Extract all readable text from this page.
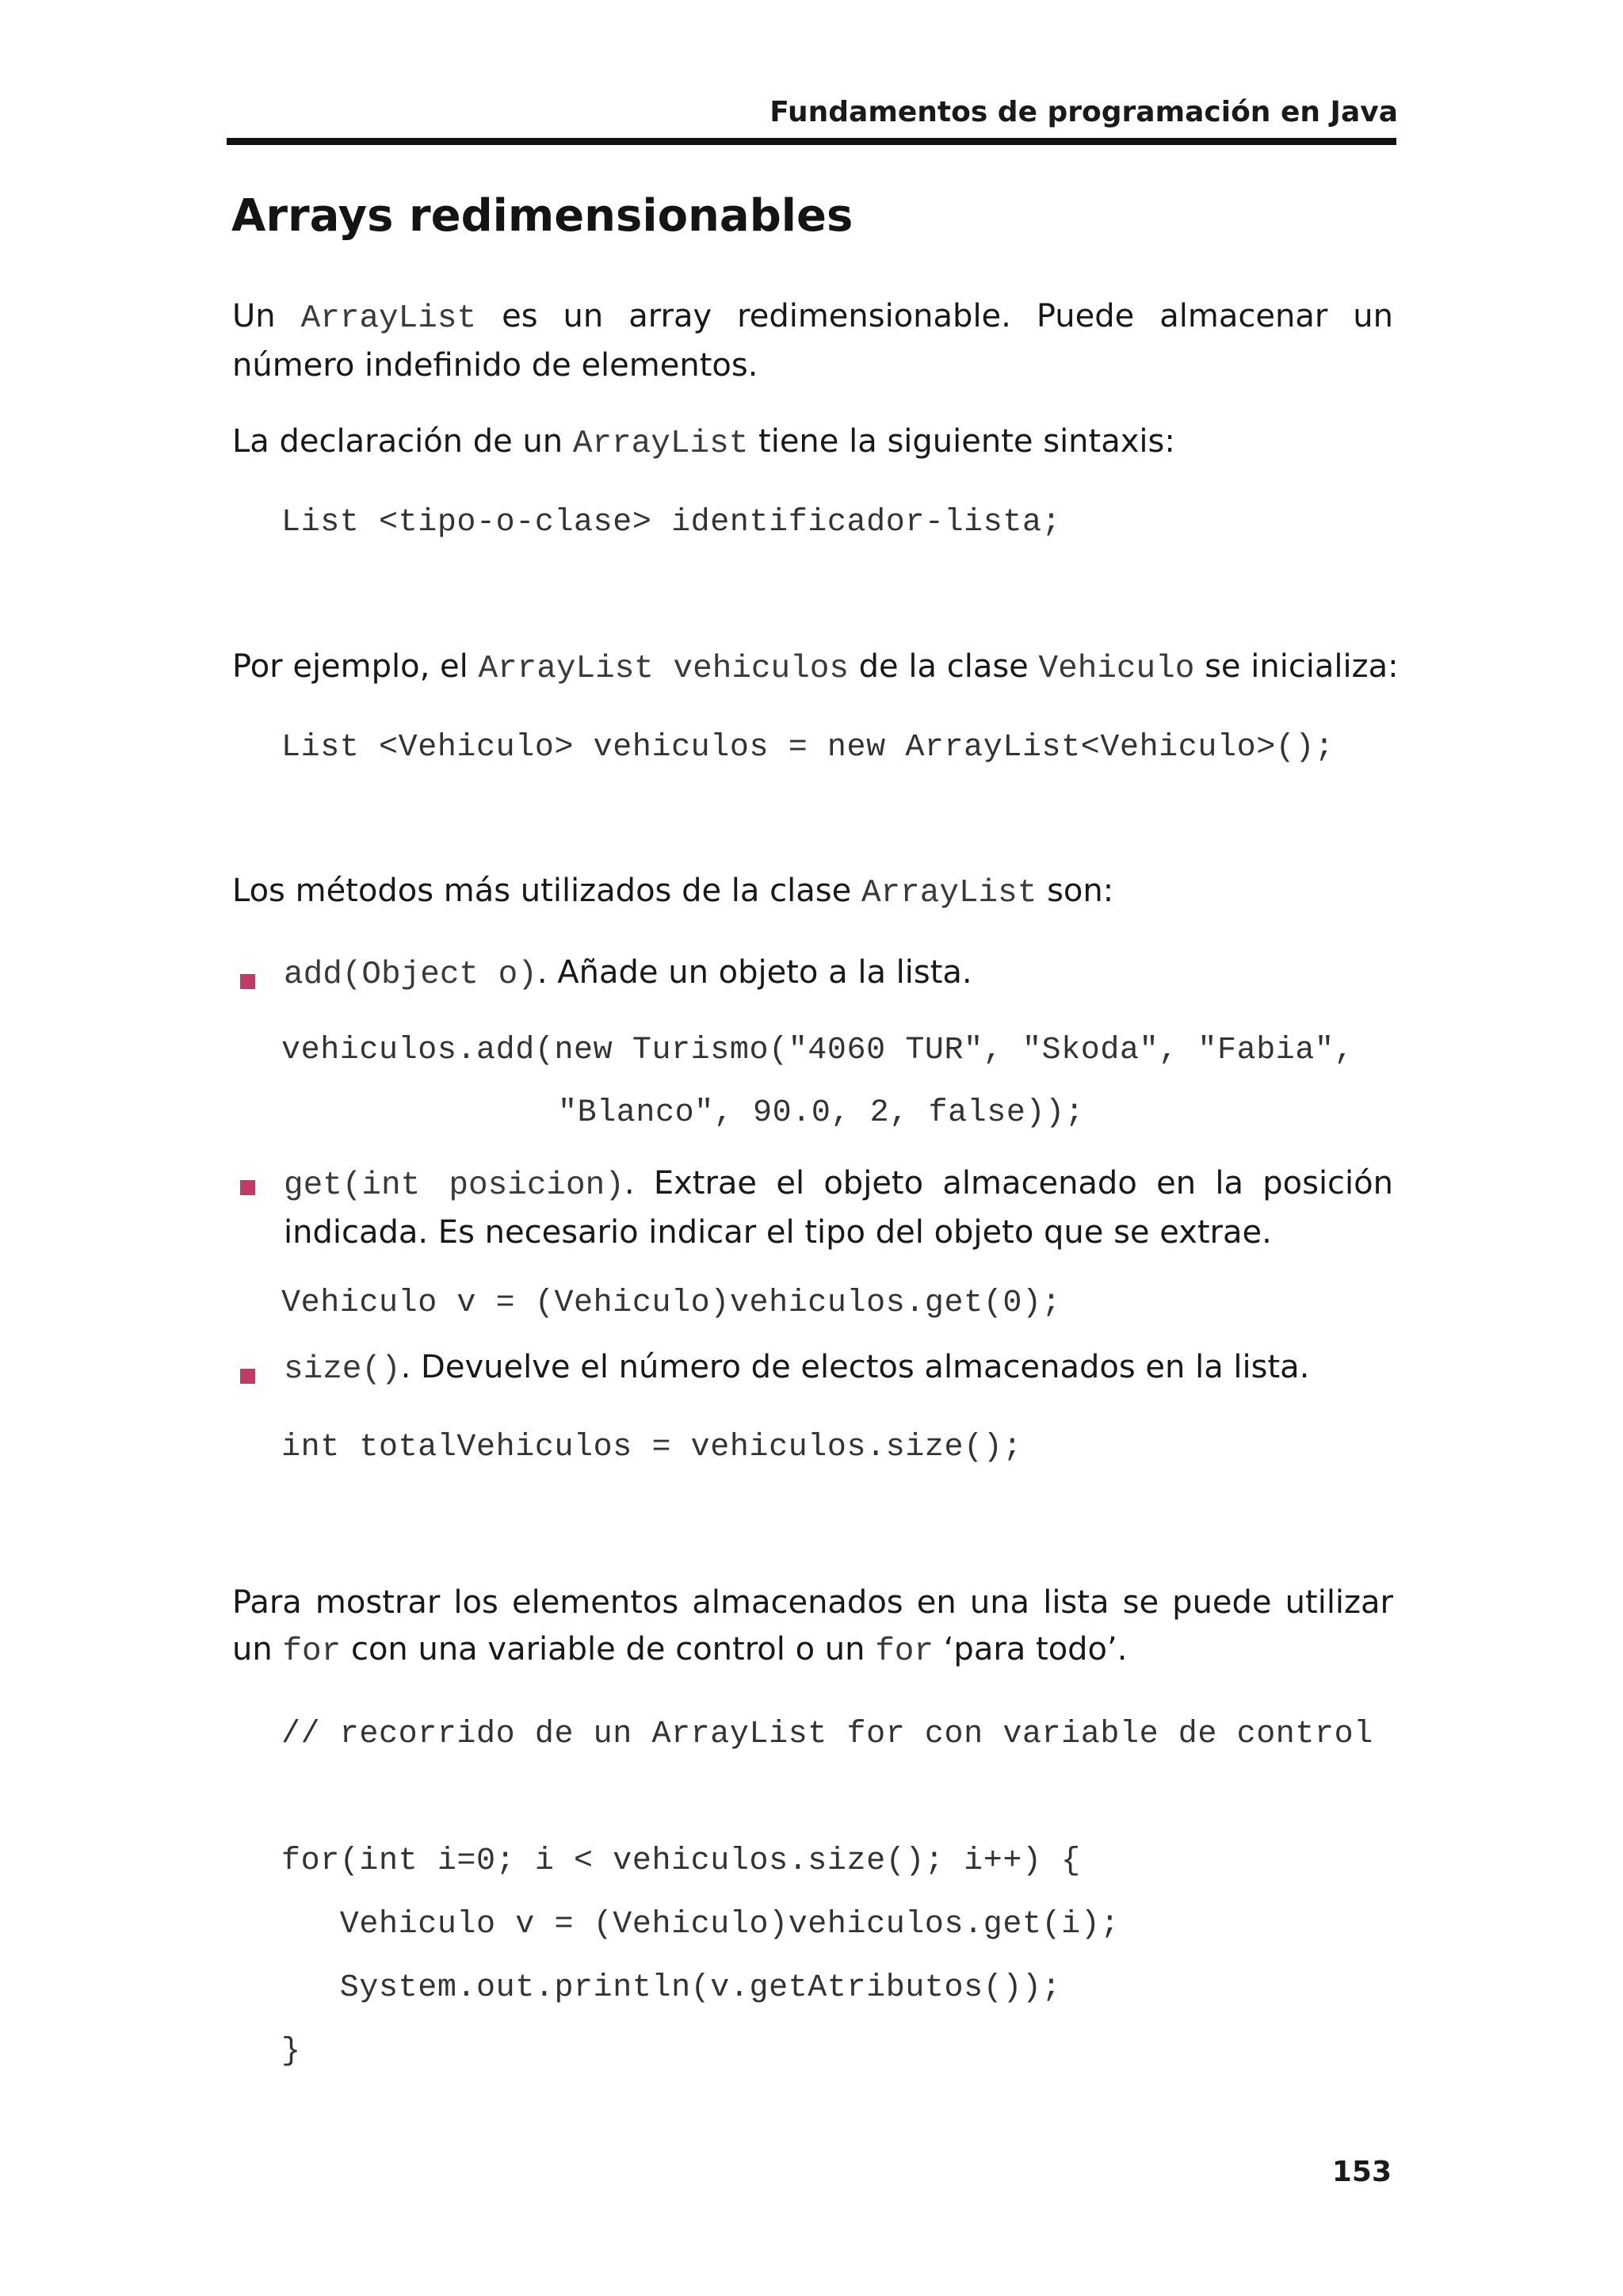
Fundamentos de programación en Java
Arrays redimensionables

Un ArrayList es un array redimensionable. Puede almacenar un número indefinido de elementos.

La declaración de un ArrayList tiene la siguiente sintaxis:
List <tipo-o-clase> identificador-lista;
Por ejemplo, el ArrayList vehiculos de la clase Vehiculo se inicializa:
List <Vehiculo> vehiculos = new ArrayList<Vehiculo>();
Los métodos más utilizados de la clase ArrayList son:
add(Object o). Añade un objeto a la lista.
vehiculos.add(new Turismo("4060 TUR", "Skoda", "Fabia",
"Blanco", 90.0, 2, false));

get(int posicion). Extrae el objeto almacenado en la posición indicada. Es necesario indicar el tipo del objeto que se extrae.

Vehiculo v = (Vehiculo)vehiculos.get(0);
size(). Devuelve el número de electos almacenados en la lista.
int totalVehiculos = vehiculos.size();

Para mostrar los elementos almacenados en una lista se puede utilizar un for con una variable de control o un for ‘para todo’.

// recorrido de un ArrayList for con variable de control
for(int i=0; i < vehiculos.size(); i++) {
Vehiculo v = (Vehiculo)vehiculos.get(i);
System.out.println(v.getAtributos());
}
153
